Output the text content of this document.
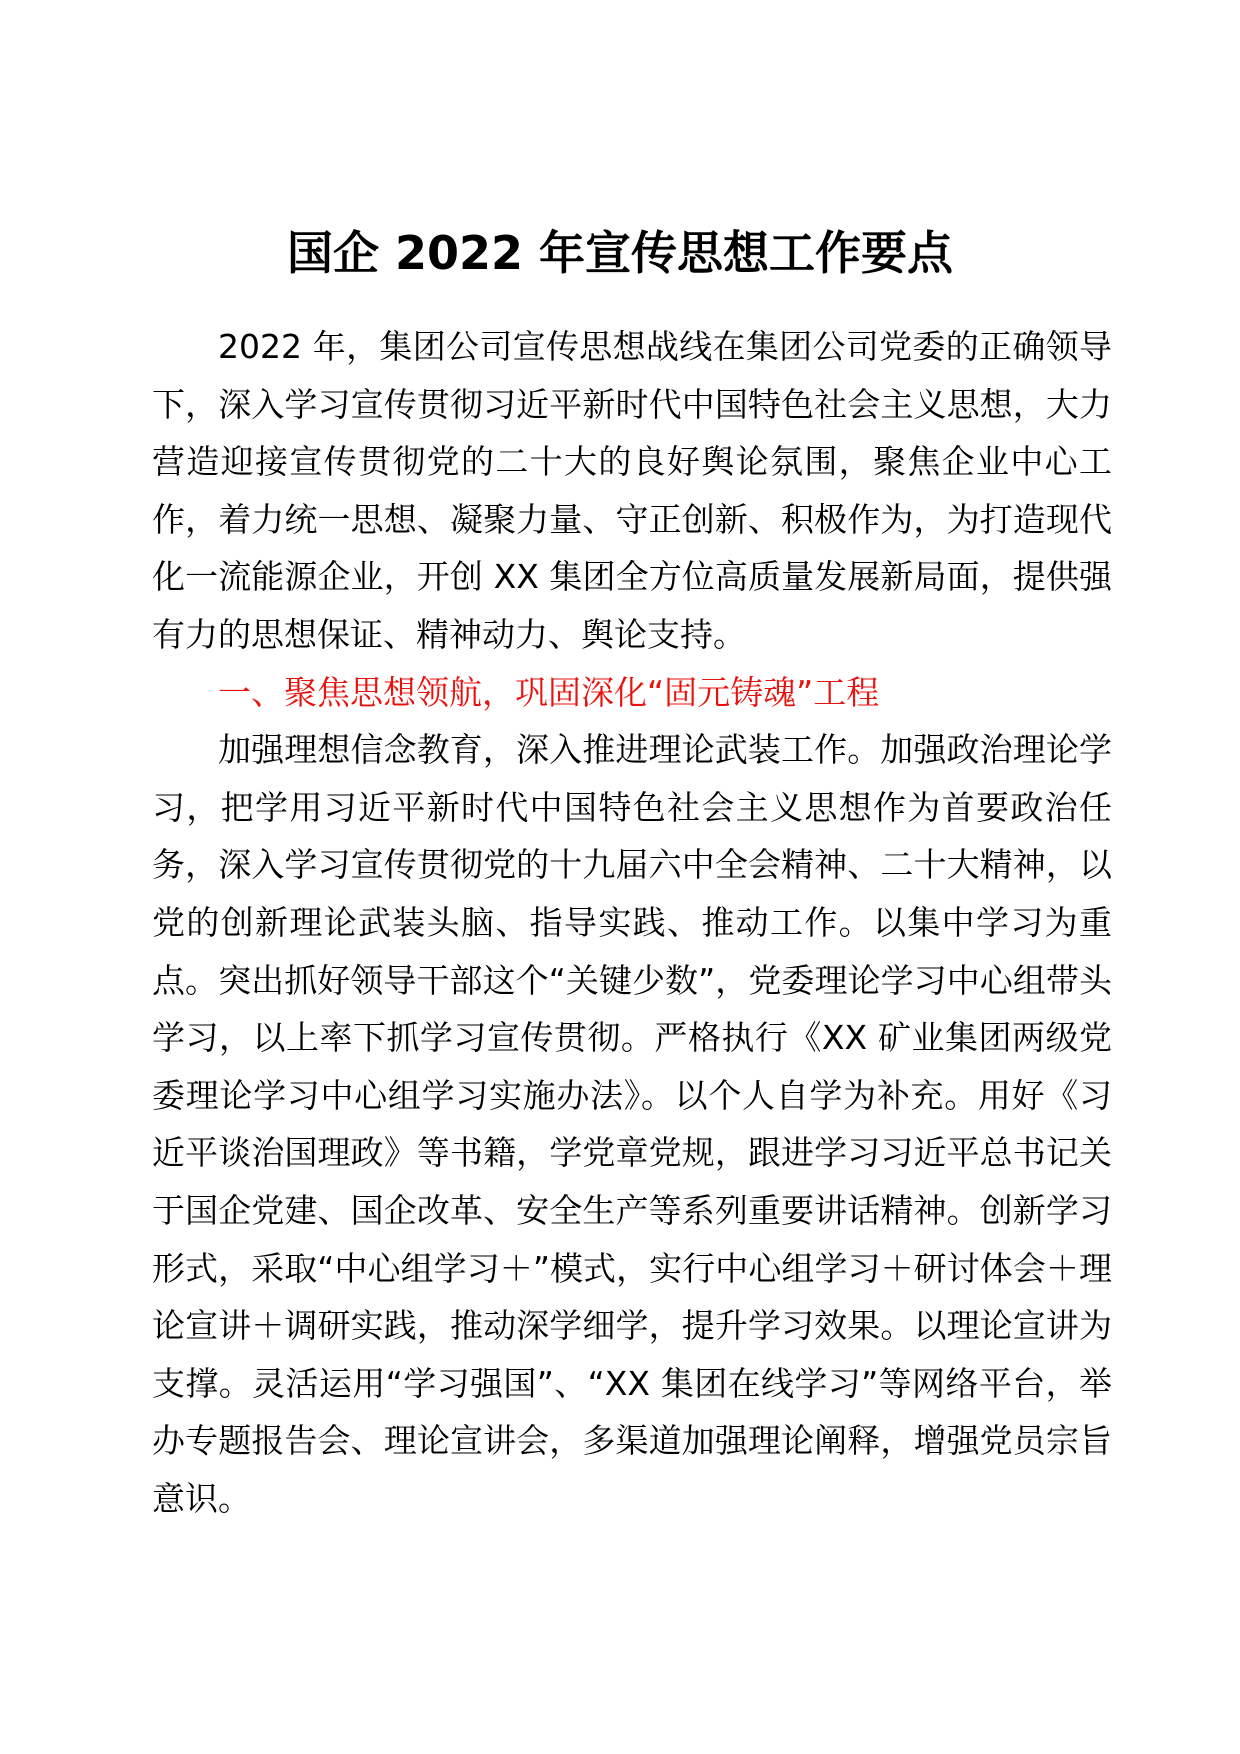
国企 2022 年宣传思想工作要点

2022 年，集团公司宣传思想战线在集团公司党委的正确领导下，深入学习宣传贯彻习近平新时代中国特色社会主义思想，大力营造迎接宣传贯彻党的二十大的良好舆论氛围，聚焦企业中心工作，着力统一思想、凝聚力量、守正创新、积极作为，为打造现代化一流能源企业，开创 XX 集团全方位高质量发展新局面，提供强有力的思想保证、精神动力、舆论支持。

一、聚焦思想领航，巩固深化“固元铸魂”工程

加强理想信念教育，深入推进理论武装工作。加强政治理论学习，把学用习近平新时代中国特色社会主义思想作为首要政治任务，深入学习宣传贯彻党的十九届六中全会精神、二十大精神，以党的创新理论武装头脑、指导实践、推动工作。以集中学习为重点。突出抓好领导干部这个“关键少数”，党委理论学习中心组带头学习，以上率下抓学习宣传贯彻。严格执行《XX 矿业集团两级党委理论学习中心组学习实施办法》。以个人自学为补充。用好《习近平谈治国理政》等书籍，学党章党规，跟进学习习近平总书记关于国企党建、国企改革、安全生产等系列重要讲话精神。创新学习形式，采取“中心组学习＋”模式，实行中心组学习＋研讨体会＋理论宣讲＋调研实践，推动深学细学，提升学习效果。以理论宣讲为支撑。灵活运用“学习强国”、“XX 集团在线学习”等网络平台，举办专题报告会、理论宣讲会，多渠道加强理论阐释，增强党员宗旨意识。
